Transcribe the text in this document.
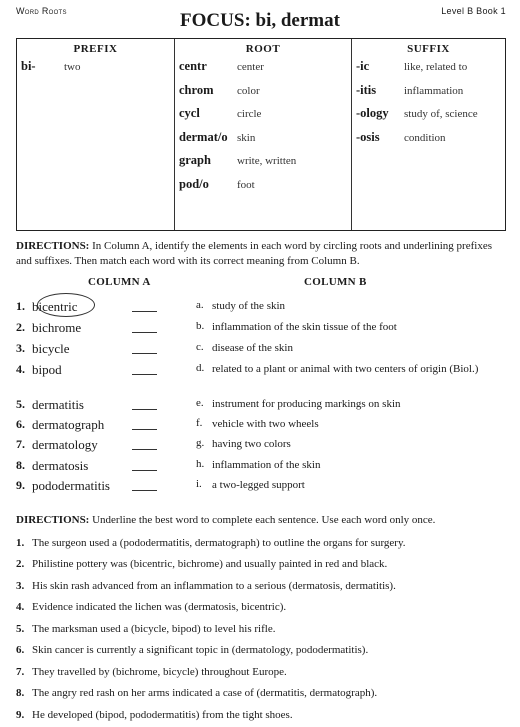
Word Roots	FOCUS: bi, dermat	Level B Book 1
PREFIX
bi-	two
ROOT
centr	center
chrom	color
cycl	circle
dermat/o skin
graph	write, written
pod/o	foot
SUFFIX
-ic	like, related to
-itis	inflammation
-ology	study of, science
-osis	condition
DIRECTIONS: In Column A, identify the elements in each word by circling roots and underlining prefixes and suffixes. Then match each word with its correct meaning from Column B.
COLUMN A	COLUMN B
1. bicentric	a. study of the skin
2. bichrome	b. inflammation of the skin tissue of the foot
3. bicycle	c. disease of the skin
4. bipod	d. related to a plant or animal with two centers of origin (Biol.)
5. dermatitis	e. instrument for producing markings on skin
6. dermatograph	f. vehicle with two wheels
7. dermatology	g. having two colors
8. dermatosis	h. inflammation of the skin
9. pododermatitis	i. a two-legged support
DIRECTIONS: Underline the best word to complete each sentence. Use each word only once.
1. The surgeon used a (pododermatitis, dermatograph) to outline the organs for surgery.
2. Philistine pottery was (bicentric, bichrome) and usually painted in red and black.
3. His skin rash advanced from an inflammation to a serious (dermatosis, dermatitis).
4. Evidence indicated the lichen was (dermatosis, bicentric).
5. The marksman used a (bicycle, bipod) to level his rifle.
6. Skin cancer is currently a significant topic in (dermatology, pododermatitis).
7. They travelled by (bichrome, bicycle) throughout Europe.
8. The angry red rash on her arms indicated a case of (dermatitis, dermatograph).
9. He developed (bipod, pododermatitis) from the tight shoes.
